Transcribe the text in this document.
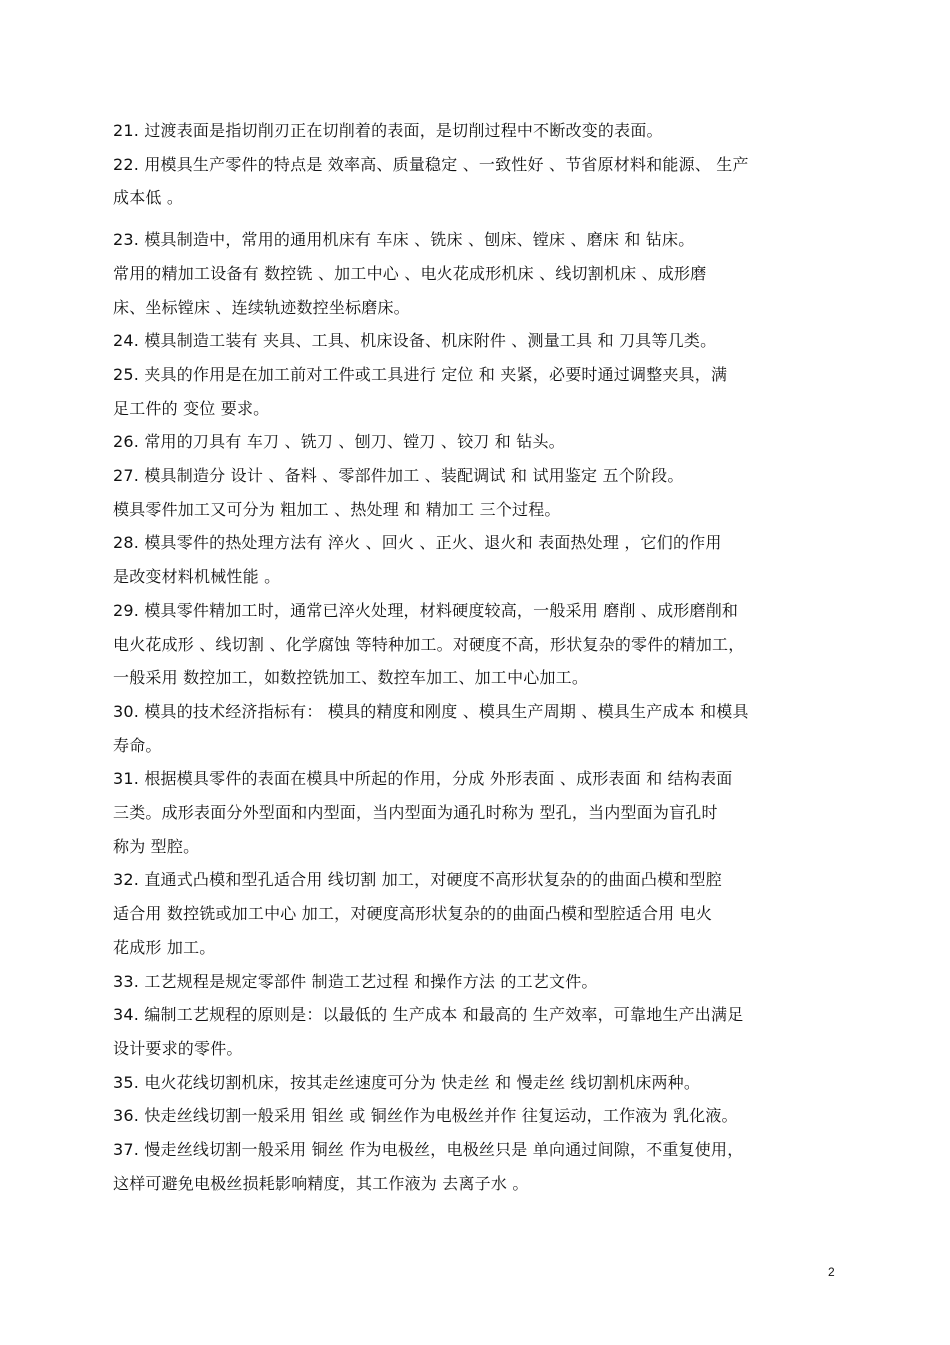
21. 过渡表面是指切削刃正在切削着的表面，是切削过程中不断改变的表面。
22. 用模具生产零件的特点是 效率高、质量稳定 、一致性好 、节省原材料和能源、 生产
成本低 。
23. 模具制造中，常用的通用机床有 车床 、铣床 、刨床、镗床 、磨床 和 钻床。
常用的精加工设备有 数控铣 、加工中心 、电火花成形机床 、线切割机床 、成形磨
床、坐标镗床 、连续轨迹数控坐标磨床。
24. 模具制造工装有 夹具、工具、机床设备、机床附件 、测量工具 和 刀具等几类。
25. 夹具的作用是在加工前对工件或工具进行 定位 和 夹紧，必要时通过调整夹具，满
足工件的 变位 要求。
26. 常用的刀具有 车刀 、铣刀 、刨刀、镗刀 、铰刀 和 钻头。
27. 模具制造分 设计 、备料 、零部件加工 、装配调试 和 试用鉴定 五个阶段。
模具零件加工又可分为 粗加工 、热处理 和 精加工 三个过程。
28. 模具零件的热处理方法有 淬火 、回火 、正火、退火和 表面热处理 ，它们的作用
是改变材料机械性能 。
29. 模具零件精加工时，通常已淬火处理，材料硬度较高，一般采用 磨削 、成形磨削和
电火花成形 、线切割 、化学腐蚀 等特种加工。对硬度不高，形状复杂的零件的精加工，
一般采用 数控加工，如数控铣加工、数控车加工、加工中心加工。
30. 模具的技术经济指标有： 模具的精度和刚度 、模具生产周期 、模具生产成本 和模具
寿命。
31. 根据模具零件的表面在模具中所起的作用，分成 外形表面 、成形表面 和 结构表面
三类。成形表面分外型面和内型面，当内型面为通孔时称为 型孔，当内型面为盲孔时
称为 型腔。
32. 直通式凸模和型孔适合用 线切割 加工，对硬度不高形状复杂的的曲面凸模和型腔
适合用 数控铣或加工中心 加工，对硬度高形状复杂的的曲面凸模和型腔适合用 电火
花成形 加工。
33. 工艺规程是规定零部件 制造工艺过程 和操作方法 的工艺文件。
34. 编制工艺规程的原则是：以最低的 生产成本 和最高的 生产效率，可靠地生产出满足
设计要求的零件。
35. 电火花线切割机床，按其走丝速度可分为 快走丝 和 慢走丝 线切割机床两种。
36. 快走丝线切割一般采用 钼丝 或 铜丝作为电极丝并作 往复运动，工作液为 乳化液。
37. 慢走丝线切割一般采用 铜丝 作为电极丝，电极丝只是 单向通过间隙，不重复使用，
这样可避免电极丝损耗影响精度，其工作液为 去离子水 。
2
